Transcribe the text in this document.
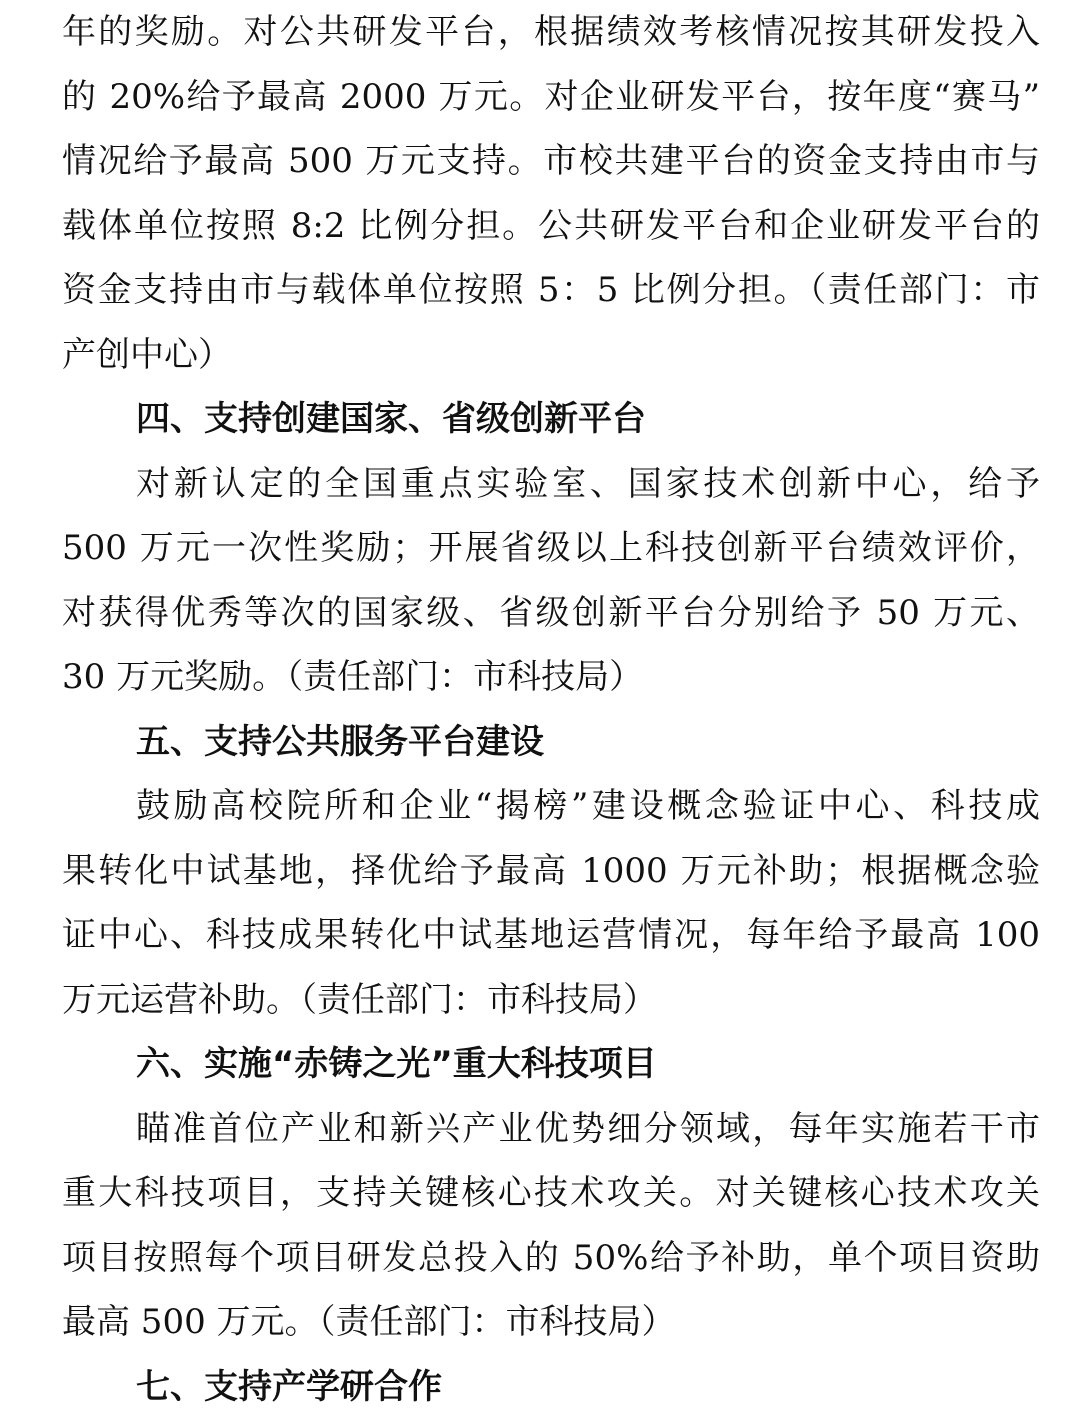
年的奖励。对公共研发平台，根据绩效考核情况按其研发投入
的 20%给予最高 2000 万元。对企业研发平台，按年度“赛马”
情况给予最高 500 万元支持。市校共建平台的资金支持由市与
载体单位按照 8:2 比例分担。公共研发平台和企业研发平台的
资金支持由市与载体单位按照 5：5 比例分担。（责任部门：市
产创中心）
四、支持创建国家、省级创新平台
对新认定的全国重点实验室、国家技术创新中心，给予
500 万元一次性奖励；开展省级以上科技创新平台绩效评价，
对获得优秀等次的国家级、省级创新平台分别给予 50 万元、
30 万元奖励。（责任部门：市科技局）
五、支持公共服务平台建设
鼓励高校院所和企业“揭榜”建设概念验证中心、科技成
果转化中试基地，择优给予最高 1000 万元补助；根据概念验
证中心、科技成果转化中试基地运营情况，每年给予最高 100
万元运营补助。（责任部门：市科技局）
六、实施“赤铸之光”重大科技项目
瞄准首位产业和新兴产业优势细分领域，每年实施若干市
重大科技项目，支持关键核心技术攻关。对关键核心技术攻关
项目按照每个项目研发总投入的 50%给予补助，单个项目资助
最高 500 万元。（责任部门：市科技局）
七、支持产学研合作
